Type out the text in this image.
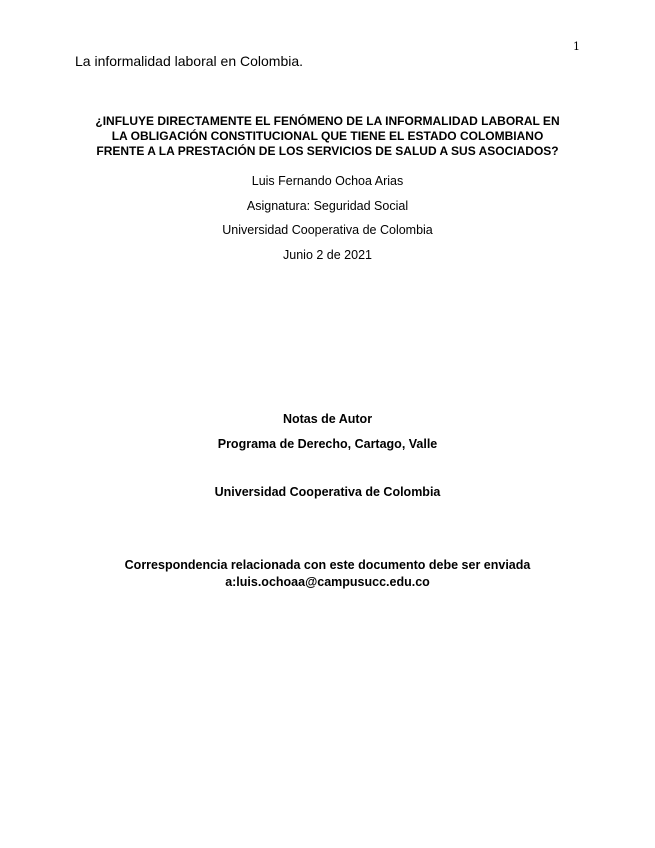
1
La informalidad laboral en Colombia.
¿INFLUYE DIRECTAMENTE EL FENÓMENO DE LA INFORMALIDAD LABORAL EN
LA OBLIGACIÓN CONSTITUCIONAL QUE TIENE EL ESTADO COLOMBIANO
FRENTE A LA PRESTACIÓN DE LOS SERVICIOS DE SALUD A SUS ASOCIADOS?
Luis Fernando Ochoa Arias
Asignatura: Seguridad Social
Universidad Cooperativa de Colombia
Junio 2 de 2021
Notas de Autor
Programa de Derecho, Cartago, Valle
Universidad Cooperativa de Colombia
Correspondencia relacionada con este documento debe ser enviada
a:luis.ochoaa@campusucc.edu.co
